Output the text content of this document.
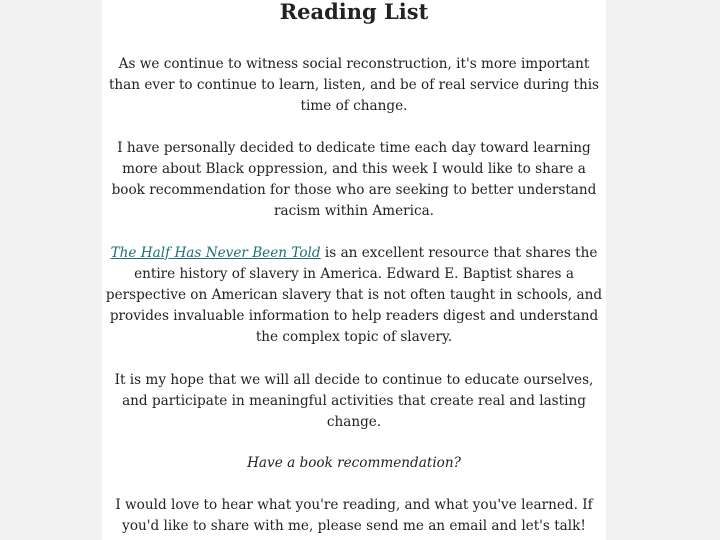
Reading List

As we continue to witness social reconstruction, it's more important
than ever to continue to learn, listen, and be of real service during this
time of change.

I have personally decided to dedicate time each day toward learning
more about Black oppression, and this week I would like to share a
book recommendation for those who are seeking to better understand
racism within America.

The Half Has Never Been Told is an excellent resource that shares the
entire history of slavery in America. Edward E. Baptist shares a
perspective on American slavery that is not often taught in schools, and
provides invaluable information to help readers digest and understand
the complex topic of slavery.

It is my hope that we will all decide to continue to educate ourselves,
and participate in meaningful activities that create real and lasting
change.

Have a book recommendation?

I would love to hear what you're reading, and what you've learned. If
you'd like to share with me, please send me an email and let's talk!
